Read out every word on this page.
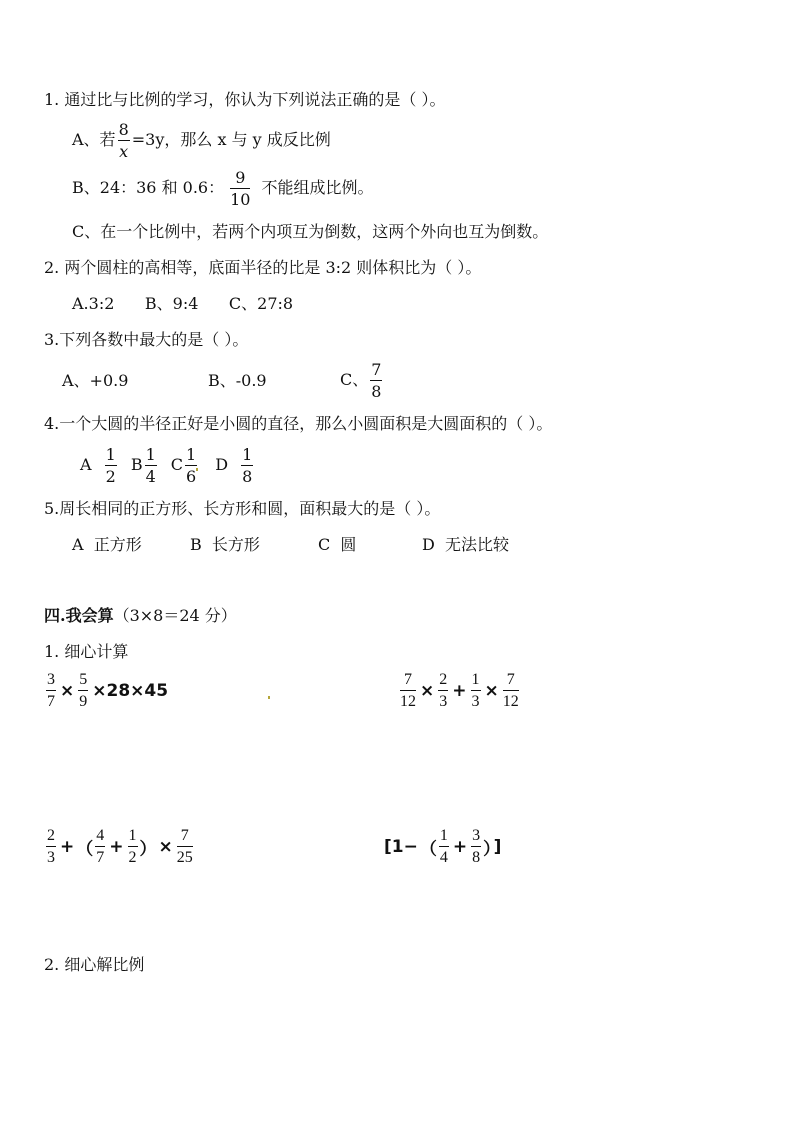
1. 通过比与比例的学习，你认为下列说法正确的是（ ）。
A、若 $\frac{8}{x} =3y$，那么 x 与 y 成反比例
B、24：36 和 0.6： $\frac{9}{10}$ 不能组成比例。
C、在一个比例中，若两个内项互为倒数，这两个外向也互为倒数。
2. 两个圆柱的高相等，底面半径的比是 3:2 则体积比为（ ）。
A.3:2      B、9:4      C、27:8
3.下列各数中最大的是（ ）。
A、+0.9	B、-0.9	C、 $\frac{7}{8}$
4.一个大圆的半径正好是小圆的直径，那么小圆面积是大圆面积的（ ）。
A $\frac{1}{2}$ B $\frac{1}{4}$ C $\frac{1}{6}$ D $\frac{1}{8}$
5.周长相同的正方形、长方形和圆，面积最大的是（ ）。
A  正方形	B  长方形	C  圆	D  无法比较
四.我会算（3×8＝24 分）
1. 细心计算
$\frac{3}{7} \times \frac{5}{9} \times 28\times 45$	$\frac{7}{12} \times \frac{2}{3} + \frac{1}{3} \times \frac{7}{12}$
$\frac{2}{3}$ + （ $\frac{4}{7} + \frac{1}{2}$ ） × $\frac{7}{25}$	[1− （ $\frac{1}{4} + \frac{3}{8}$ ） ]
2. 细心解比例
